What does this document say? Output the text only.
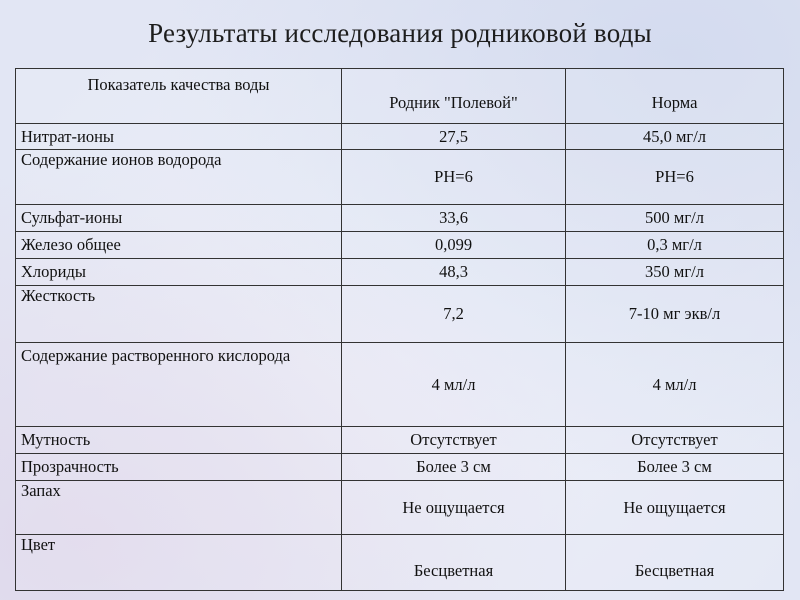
Результаты исследования родниковой воды
Показатель качества воды	Родник "Полевой"	Норма
Нитрат-ионы	27,5	45,0 мг/л
Содержание ионов водорода	РН=6	РН=6
Сульфат-ионы	33,6	500 мг/л
Железо общее	0,099	0,3 мг/л
Хлориды	48,3	350 мг/л
Жесткость	7,2	7-10 мг экв/л
Содержание растворенного кислорода	4 мл/л	4 мл/л
Мутность	Отсутствует	Отсутствует
Прозрачность	Более 3 см	Более 3 см
Запах	Не ощущается	Не ощущается
Цвет	Бесцветная	Бесцветная
